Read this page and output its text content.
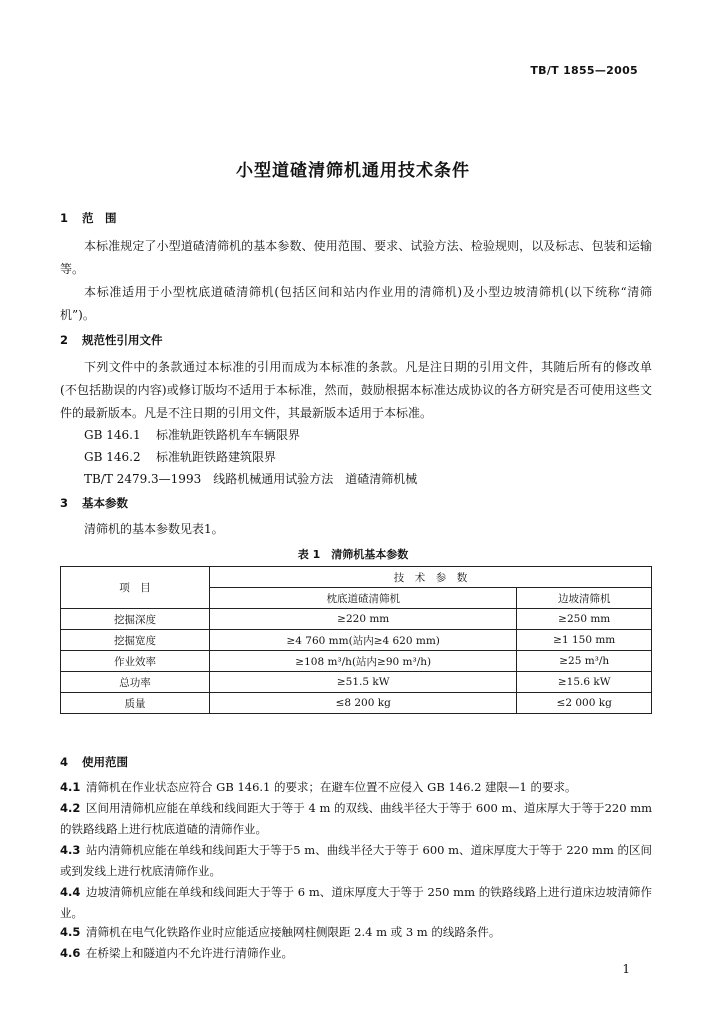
TB/T 1855—2005
小型道碴清筛机通用技术条件
1 范　围
本标准规定了小型道碴清筛机的基本参数、使用范围、要求、试验方法、检验规则，以及标志、包装和运输等。
本标准适用于小型枕底道碴清筛机(包括区间和站内作业用的清筛机)及小型边坡清筛机(以下统称“清筛机”)。
2 规范性引用文件
下列文件中的条款通过本标准的引用而成为本标准的条款。凡是注日期的引用文件，其随后所有的修改单(不包括勘误的内容)或修订版均不适用于本标准，然而，鼓励根据本标准达成协议的各方研究是否可使用这些文件的最新版本。凡是不注日期的引用文件，其最新版本适用于本标准。
GB 146.1　 标准轨距铁路机车车辆限界
GB 146.2　 标准轨距铁路建筑限界
TB/T 2479.3—1993　 线路机械通用试验方法　道碴清筛机械
3 基本参数
清筛机的基本参数见表1。
表 1　清筛机基本参数
项　目	技　术　参　数	
	枕底道碴清筛机	边坡清筛机
挖掘深度	≥220 mm	≥250 mm
挖掘宽度	≥4 760 mm(站内≥4 620 mm)	≥1 150 mm
作业效率	≥108 m³/h(站内≥90 m³/h)	≥25 m³/h
总功率	≥51.5 kW	≥15.6 kW
质量	≤8 200 kg	≤2 000 kg
4 使用范围
4.1 清筛机在作业状态应符合 GB 146.1 的要求；在避车位置不应侵入 GB 146.2 建限—1 的要求。
4.2 区间用清筛机应能在单线和线间距大于等于 4 m 的双线、曲线半径大于等于 600 m、道床厚大于等于220 mm的铁路线路上进行枕底道碴的清筛作业。
4.3 站内清筛机应能在单线和线间距大于等于5 m、曲线半径大于等于 600 m、道床厚度大于等于 220 mm 的区间或到发线上进行枕底清筛作业。
4.4 边坡清筛机应能在单线和线间距大于等于 6 m、道床厚度大于等于 250 mm 的铁路线路上进行道床边坡清筛作业。
4.5 清筛机在电气化铁路作业时应能适应接触网柱侧限距 2.4 m 或 3 m 的线路条件。
4.6 在桥梁上和隧道内不允许进行清筛作业。
1
